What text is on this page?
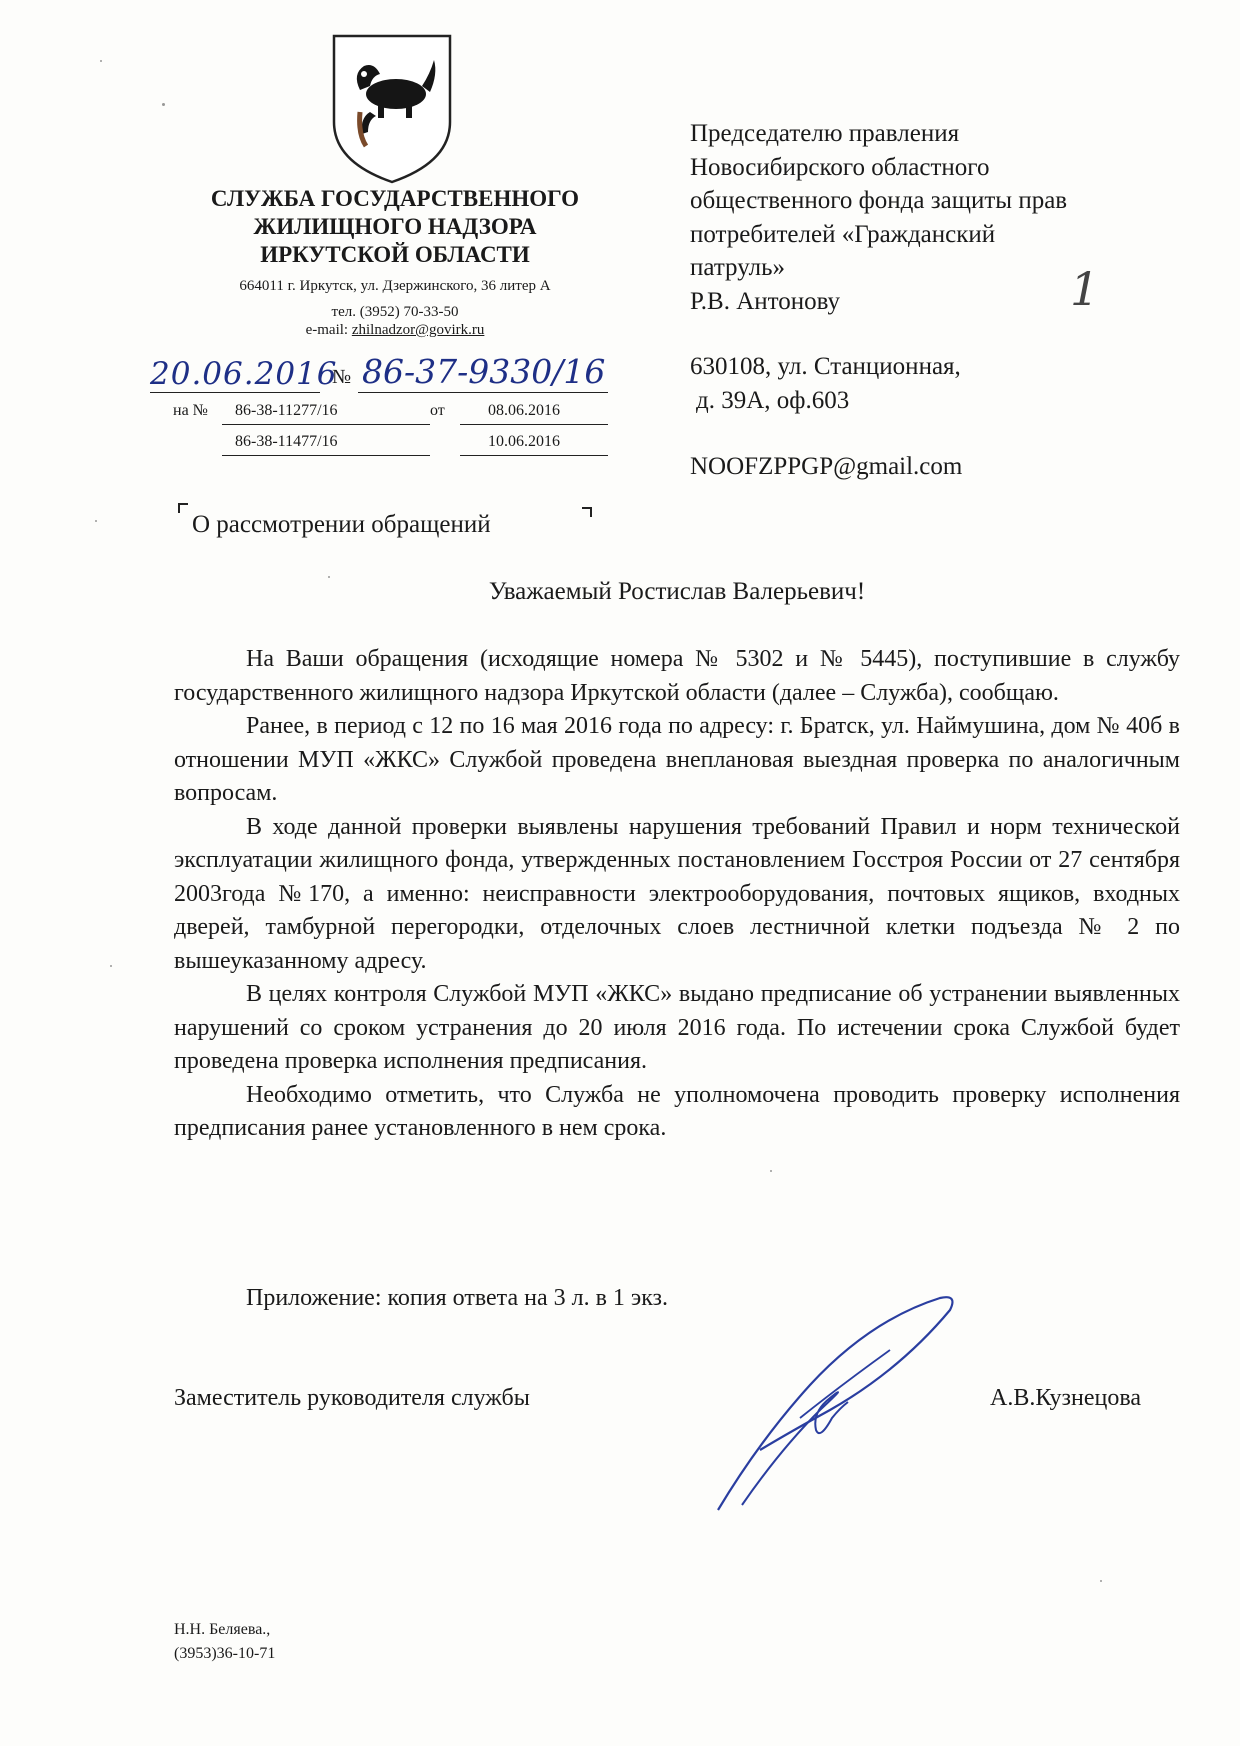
СЛУЖБА ГОСУДАРСТВЕННОГО
ЖИЛИЩНОГО НАДЗОРА
ИРКУТСКОЙ ОБЛАСТИ
664011 г. Иркутск, ул. Дзержинского, 36 литер А
тел. (3952) 70-33-50
e-mail: zhilnadzor@govirk.ru
20.06.2016
№ 86-37-9330/16
на № 86-38-11277/16	от	08.06.2016
86-38-11477/16	10.06.2016
Председателю правления
Новосибирского областного
общественного фонда защиты прав
потребителей «Гражданский
патруль»
Р.В. Антонову	1
630108, ул. Станционная,
д. 39А, оф.603
NOOFZPPGP@gmail.com
О рассмотрении обращений
Уважаемый Ростислав Валерьевич!

На Ваши обращения (исходящие номера № 5302 и № 5445), поступившие в службу государственного жилищного надзора Иркутской области (далее – Служба), сообщаю.

Ранее, в период с 12 по 16 мая 2016 года по адресу: г. Братск, ул. Наймушина, дом № 40б в отношении МУП «ЖКС» Службой проведена внеплановая выездная проверка по аналогичным вопросам.

В ходе данной проверки выявлены нарушения требований Правил и норм технической эксплуатации жилищного фонда, утвержденных постановлением Госстроя России от 27 сентября 2003года №170, а именно: неисправности электрооборудования, почтовых ящиков, входных дверей, тамбурной перегородки, отделочных слоев лестничной клетки подъезда № 2 по вышеуказанному адресу.

В целях контроля Службой МУП «ЖКС» выдано предписание об устранении выявленных нарушений со сроком устранения до 20 июля 2016 года. По истечении срока Службой будет проведена проверка исполнения предписания.

Необходимо отметить, что Служба не уполномочена проводить проверку исполнения предписания ранее установленного в нем срока.

Приложение: копия ответа на 3 л. в 1 экз.
Заместитель руководителя службы	А.В.Кузнецова
Н.Н. Беляева.,
(3953)36-10-71
